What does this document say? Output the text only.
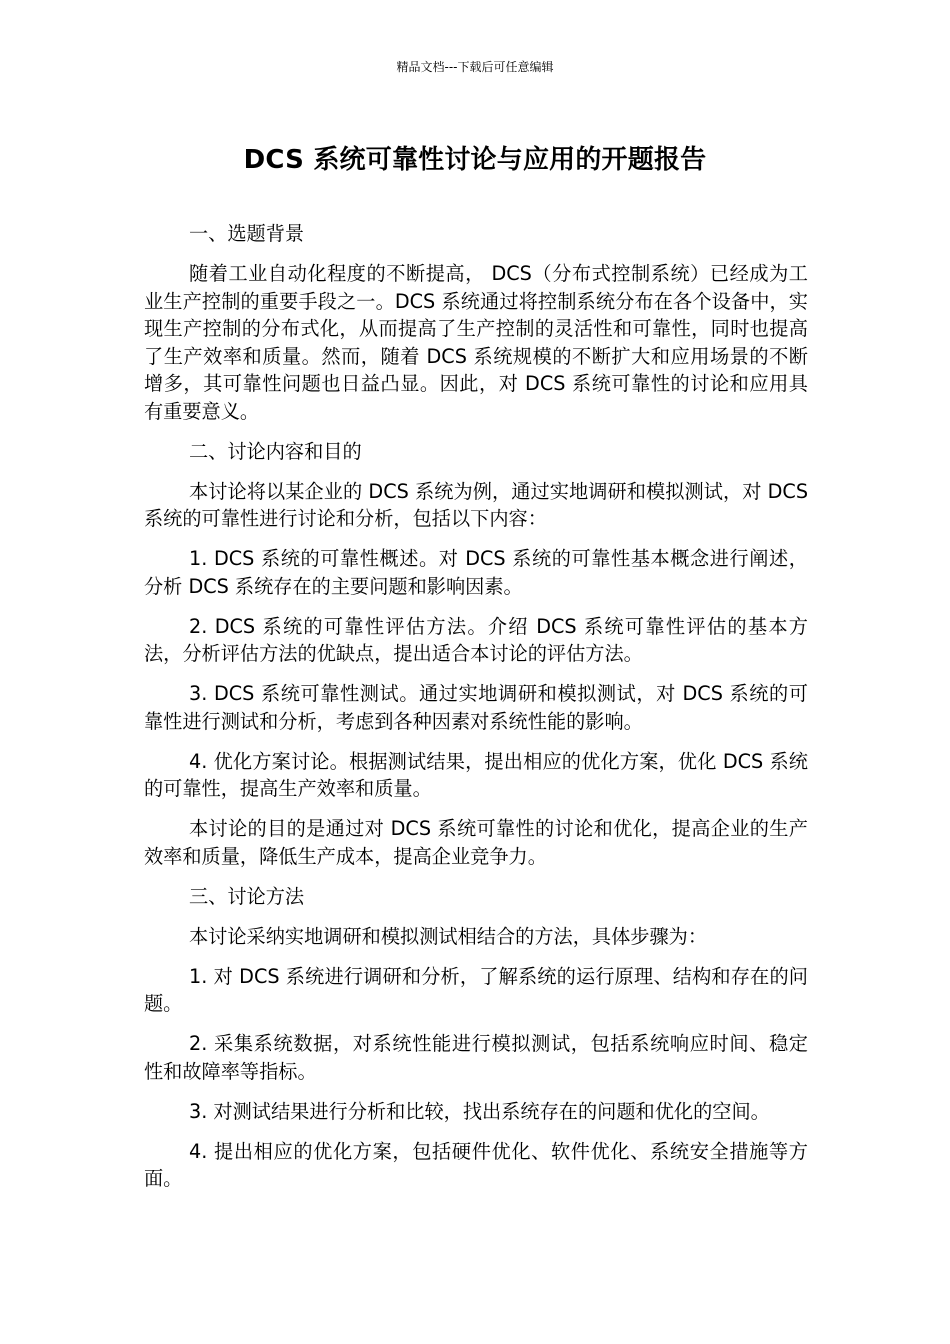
精品文档---下载后可任意编辑
DCS 系统可靠性讨论与应用的开题报告

一、选题背景

随着工业自动化程度的不断提高， DCS（分布式控制系统）已经成为工业生产控制的重要手段之一。DCS 系统通过将控制系统分布在各个设备中，实现生产控制的分布式化，从而提高了生产控制的灵活性和可靠性，同时也提高了生产效率和质量。然而，随着 DCS 系统规模的不断扩大和应用场景的不断增多，其可靠性问题也日益凸显。因此，对 DCS 系统可靠性的讨论和应用具有重要意义。

二、讨论内容和目的

本讨论将以某企业的 DCS 系统为例，通过实地调研和模拟测试，对 DCS 系统的可靠性进行讨论和分析，包括以下内容：

1. DCS 系统的可靠性概述。对 DCS 系统的可靠性基本概念进行阐述，分析 DCS 系统存在的主要问题和影响因素。

2. DCS 系统的可靠性评估方法。介绍 DCS 系统可靠性评估的基本方法，分析评估方法的优缺点，提出适合本讨论的评估方法。

3. DCS 系统可靠性测试。通过实地调研和模拟测试，对 DCS 系统的可靠性进行测试和分析，考虑到各种因素对系统性能的影响。

4. 优化方案讨论。根据测试结果，提出相应的优化方案，优化 DCS 系统的可靠性，提高生产效率和质量。

本讨论的目的是通过对 DCS 系统可靠性的讨论和优化，提高企业的生产效率和质量，降低生产成本，提高企业竞争力。

三、讨论方法

本讨论采纳实地调研和模拟测试相结合的方法，具体步骤为：

1. 对 DCS 系统进行调研和分析，了解系统的运行原理、结构和存在的问题。

2. 采集系统数据，对系统性能进行模拟测试，包括系统响应时间、稳定性和故障率等指标。

3. 对测试结果进行分析和比较，找出系统存在的问题和优化的空间。

4. 提出相应的优化方案，包括硬件优化、软件优化、系统安全措施等方面。
